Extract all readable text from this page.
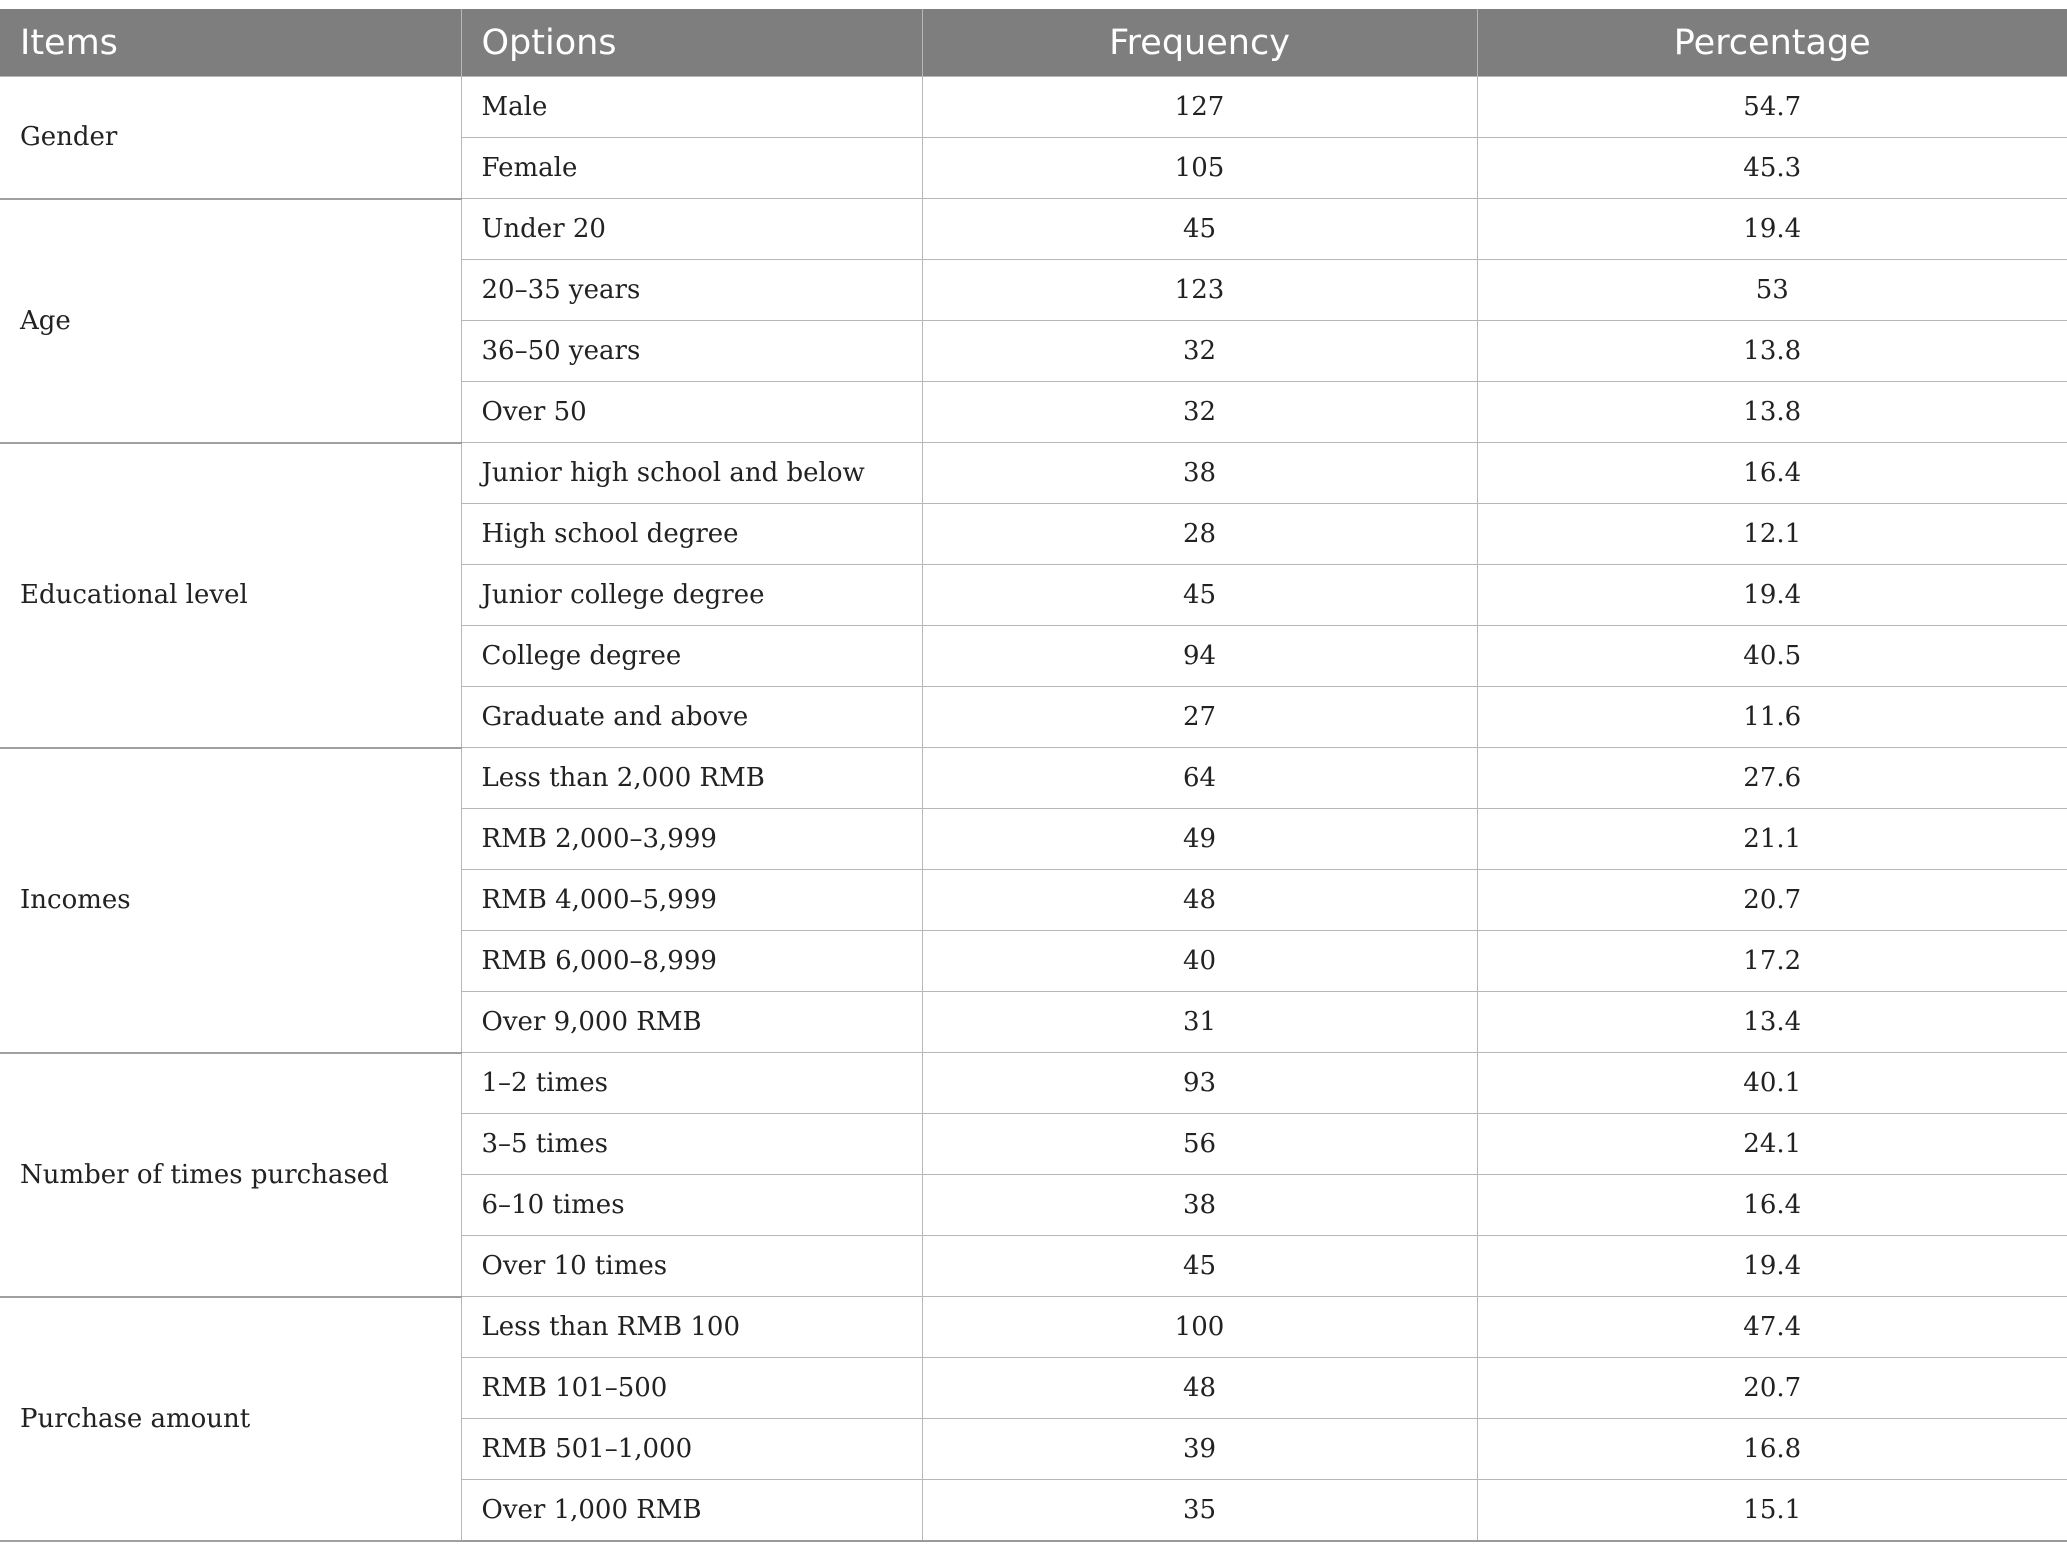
Items	Options	Frequency	Percentage
Gender	Male	127	54.7
	Female	105	45.3
Age	Under 20	45	19.4
	20–35 years	123	53
	36–50 years	32	13.8
	Over 50	32	13.8
Educational level	Junior high school and below	38	16.4
	High school degree	28	12.1
	Junior college degree	45	19.4
	College degree	94	40.5
	Graduate and above	27	11.6
Incomes	Less than 2,000 RMB	64	27.6
	RMB 2,000–3,999	49	21.1
	RMB 4,000–5,999	48	20.7
	RMB 6,000–8,999	40	17.2
	Over 9,000 RMB	31	13.4
Number of times purchased	1–2 times	93	40.1
	3–5 times	56	24.1
	6–10 times	38	16.4
	Over 10 times	45	19.4
Purchase amount	Less than RMB 100	100	47.4
	RMB 101–500	48	20.7
	RMB 501–1,000	39	16.8
	Over 1,000 RMB	35	15.1
